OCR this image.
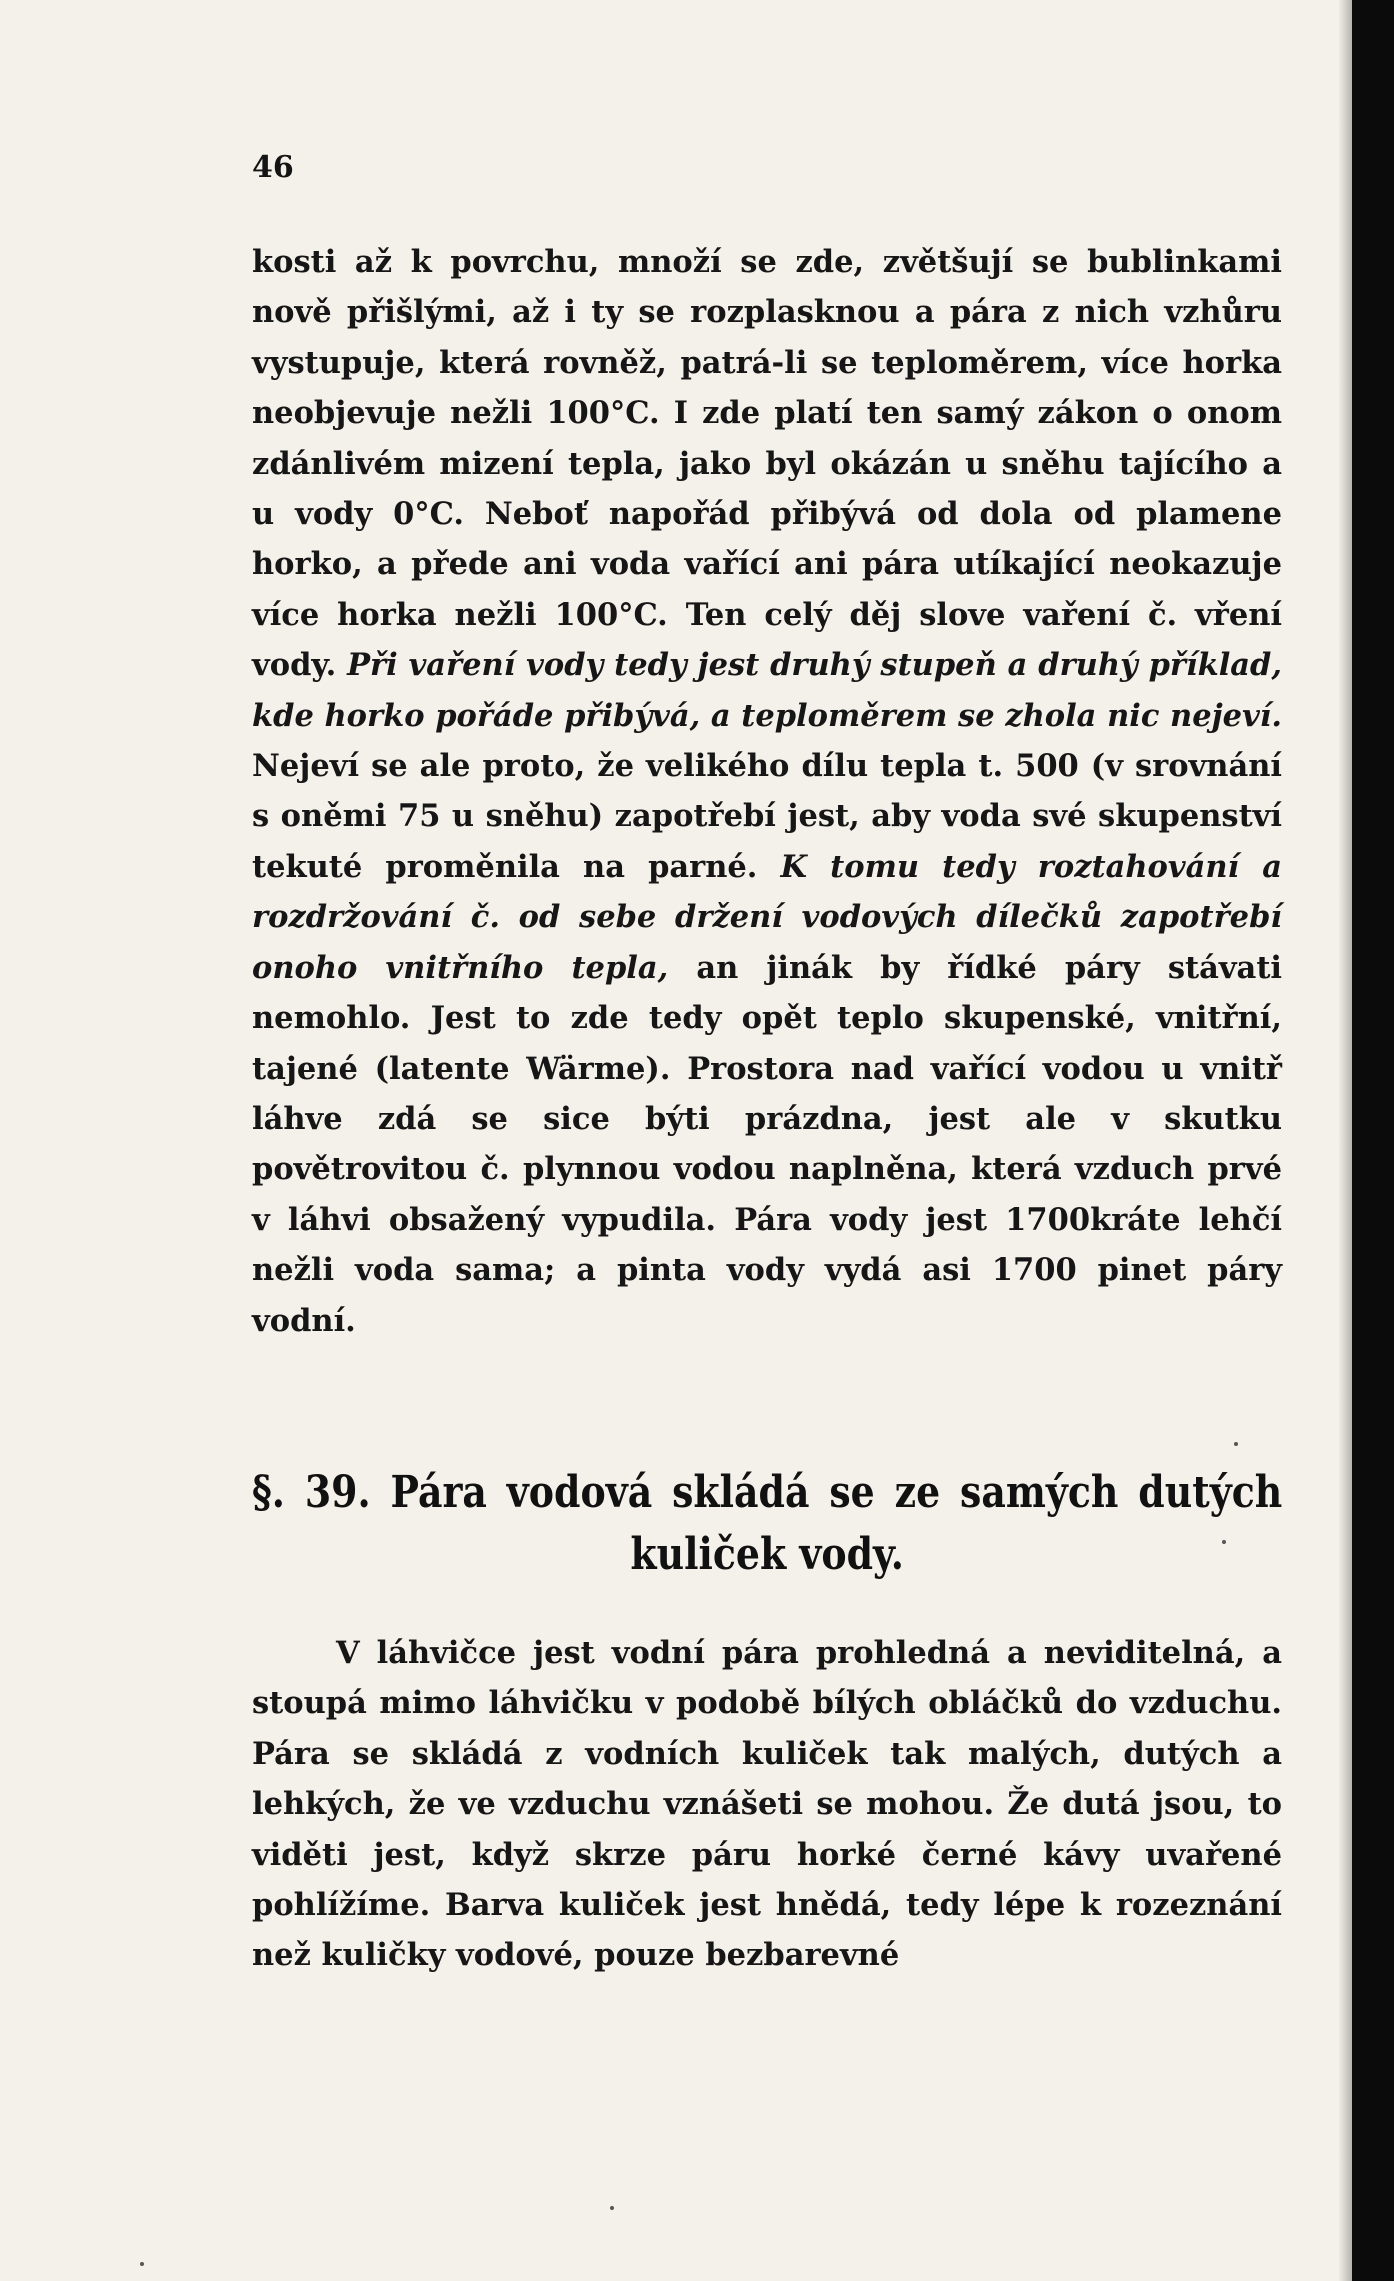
46

kosti až k povrchu, množí se zde, zvětšují se bublinkami nově přišlými, až i ty se rozplasknou a pára z nich vzhůru vystupuje, která rovněž, patrá-li se teploměrem, více horka neobjevuje nežli 100°C. I zde platí ten samý zákon o onom zdánlivém mizení tepla, jako byl okázán u sněhu tajícího a u vody 0°C. Neboť napořád přibývá od dola od plamene horko, a přede ani voda vařící ani pára utíkající neokazuje více horka nežli 100°C. Ten celý děj slove vaření č. vření vody. Při vaření vody tedy jest druhý stupeň a druhý příklad, kde horko pořáde přibývá, a teploměrem se zhola nic nejeví. Nejeví se ale proto, že velikého dílu tepla t. 500 (v srovnání s oněmi 75 u sněhu) zapotřebí jest, aby voda své skupenství tekuté proměnila na parné. K tomu tedy roztahování a rozdržování č. od sebe držení vodových dílečků zapotřebí onoho vnitřního tepla, an jinák by řídké páry stávati nemohlo. Jest to zde tedy opět teplo skupenské, vnitřní, tajené (latente Wärme). Prostora nad vařící vodou u vnitř láhve zdá se sice býti prázdna, jest ale v skutku povětrovitou č. plynnou vodou naplněna, která vzduch prvé v láhvi obsažený vypudila. Pára vody jest 1700kráte lehčí nežli voda sama; a pinta vody vydá asi 1700 pinet páry vodní.

§. 39. Pára vodová skládá se ze samých dutých kuliček vody.

V láhvičce jest vodní pára prohledná a neviditelná, a stoupá mimo láhvičku v podobě bílých obláčků do vzduchu. Pára se skládá z vodních kuliček tak malých, dutých a lehkých, že ve vzduchu vznášeti se mohou. Že dutá jsou, to viděti jest, když skrze páru horké černé kávy uvařené pohlížíme. Barva kuliček jest hnědá, tedy lépe k rozeznání než kuličky vodové, pouze bezbarevné
